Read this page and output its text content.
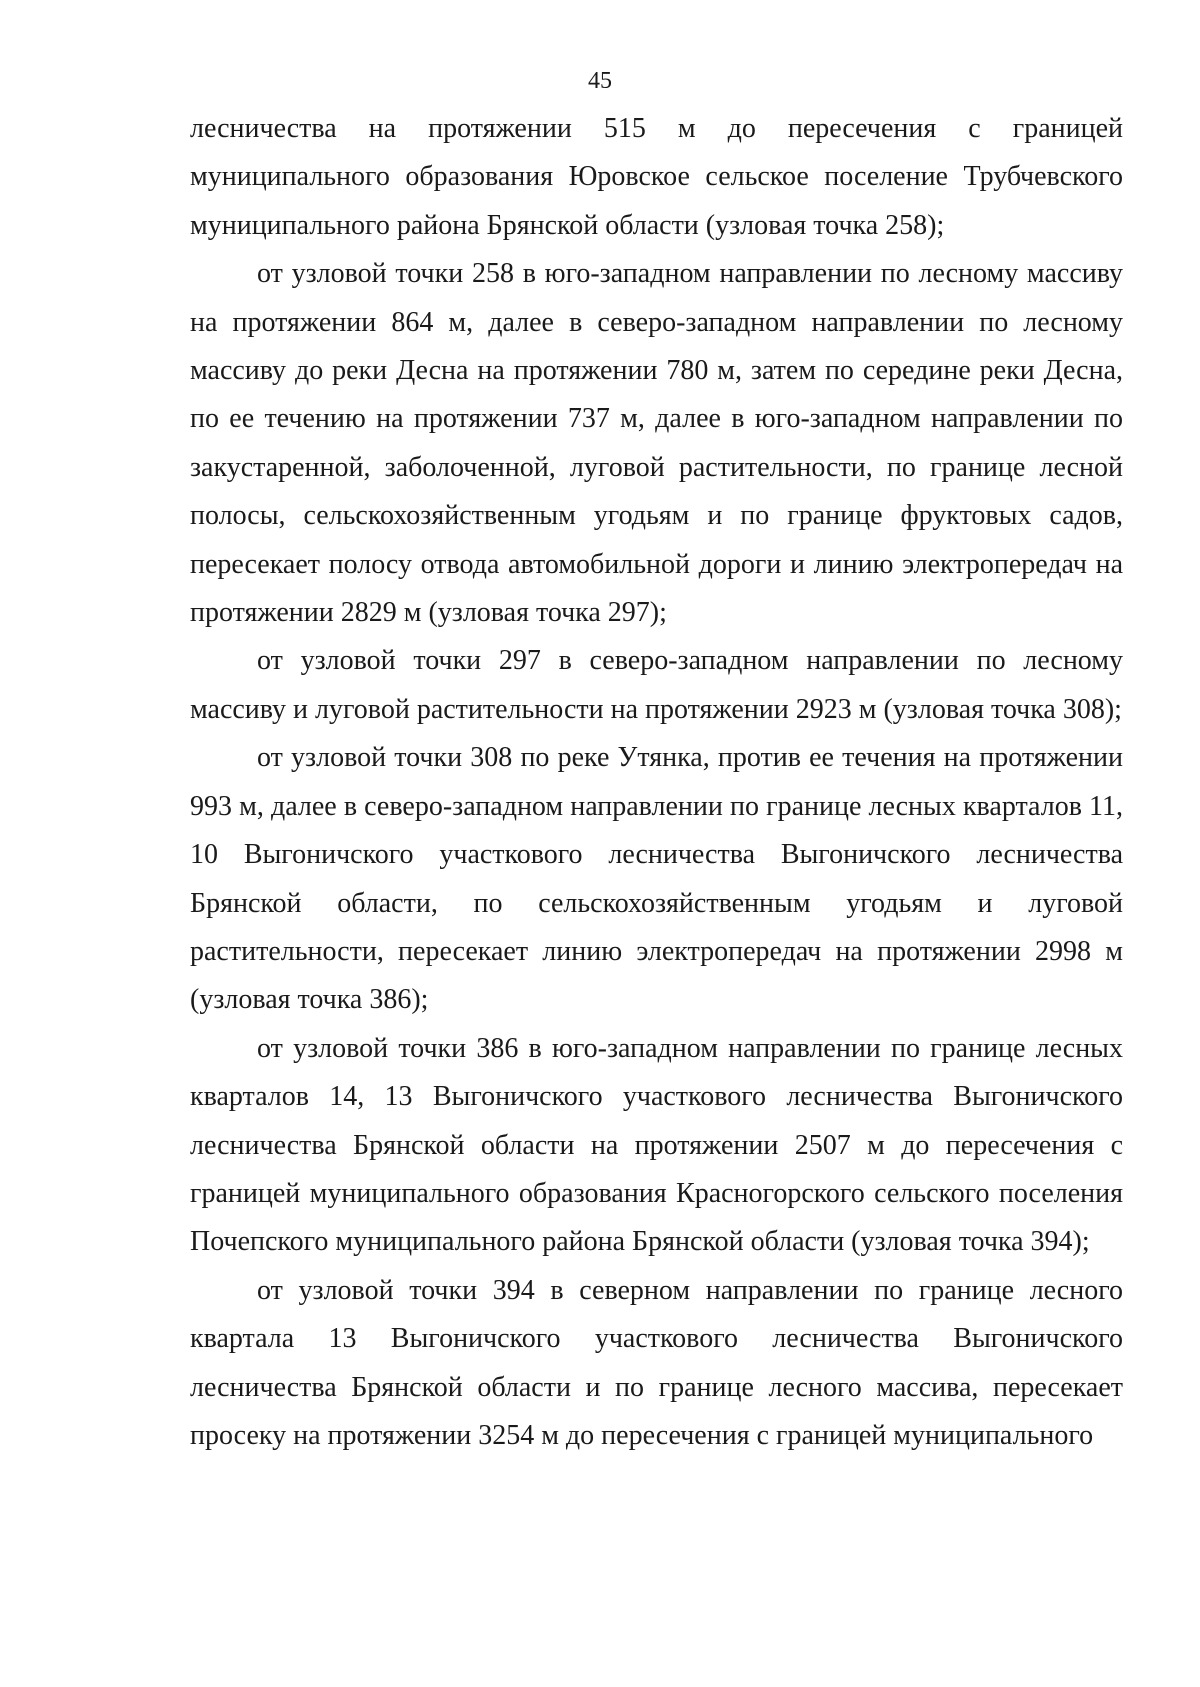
45

лесничества на протяжении 515 м до пересечения с границей муниципального образования Юровское сельское поселение Трубчевского муниципального района Брянской области (узловая точка 258);

от узловой точки 258 в юго-западном направлении по лесному массиву на протяжении 864 м, далее в северо-западном направлении по лесному массиву до реки Десна на протяжении 780 м, затем по середине реки Десна, по ее течению на протяжении 737 м, далее в юго-западном направлении по закустаренной, заболоченной, луговой растительности, по границе лесной полосы, сельскохозяйственным угодьям и по границе фруктовых садов, пересекает полосу отвода автомобильной дороги и линию электропередач на протяжении 2829 м (узловая точка 297);

от узловой точки 297 в северо-западном направлении по лесному массиву и луговой растительности на протяжении 2923 м (узловая точка 308);

от узловой точки 308 по реке Утянка, против ее течения на протяжении 993 м, далее в северо-западном направлении по границе лесных кварталов 11, 10 Выгоничского участкового лесничества Выгоничского лесничества Брянской области, по сельскохозяйственным угодьям и луговой растительности, пересекает линию электропередач на протяжении 2998 м (узловая точка 386);

от узловой точки 386 в юго-западном направлении по границе лесных кварталов 14, 13 Выгоничского участкового лесничества Выгоничского лесничества Брянской области на протяжении 2507 м до пересечения с границей муниципального образования Красногорского сельского поселения Почепского муниципального района Брянской области (узловая точка 394);

от узловой точки 394 в северном направлении по границе лесного квартала 13 Выгоничского участкового лесничества Выгоничского лесничества Брянской области и по границе лесного массива, пересекает просеку на протяжении 3254 м до пересечения с границей муниципального
